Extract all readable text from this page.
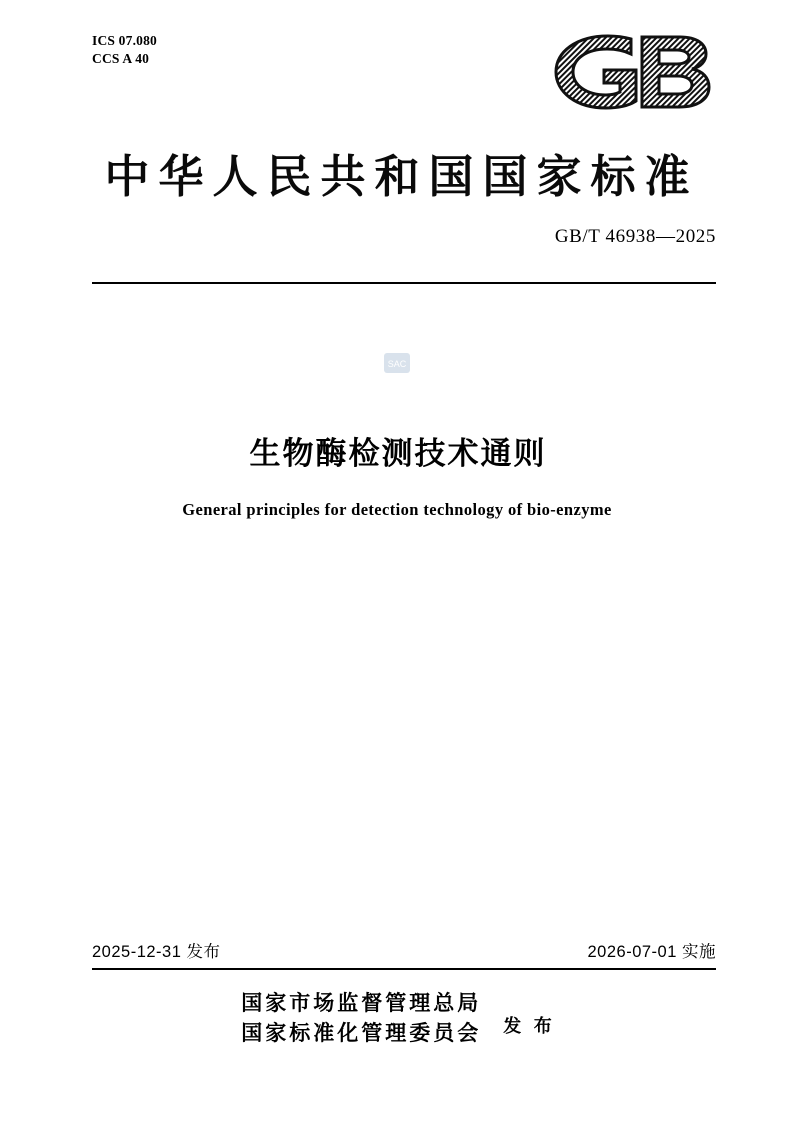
ICS 07.080
CCS A 40
中华人民共和国国家标准
GB/T 46938—2025
SAC
生物酶检测技术通则
General principles for detection technology of bio-enzyme
2025-12-31 发布	2026-07-01 实施
国家市场监督管理总局
国家标准化管理委员会 发 布
